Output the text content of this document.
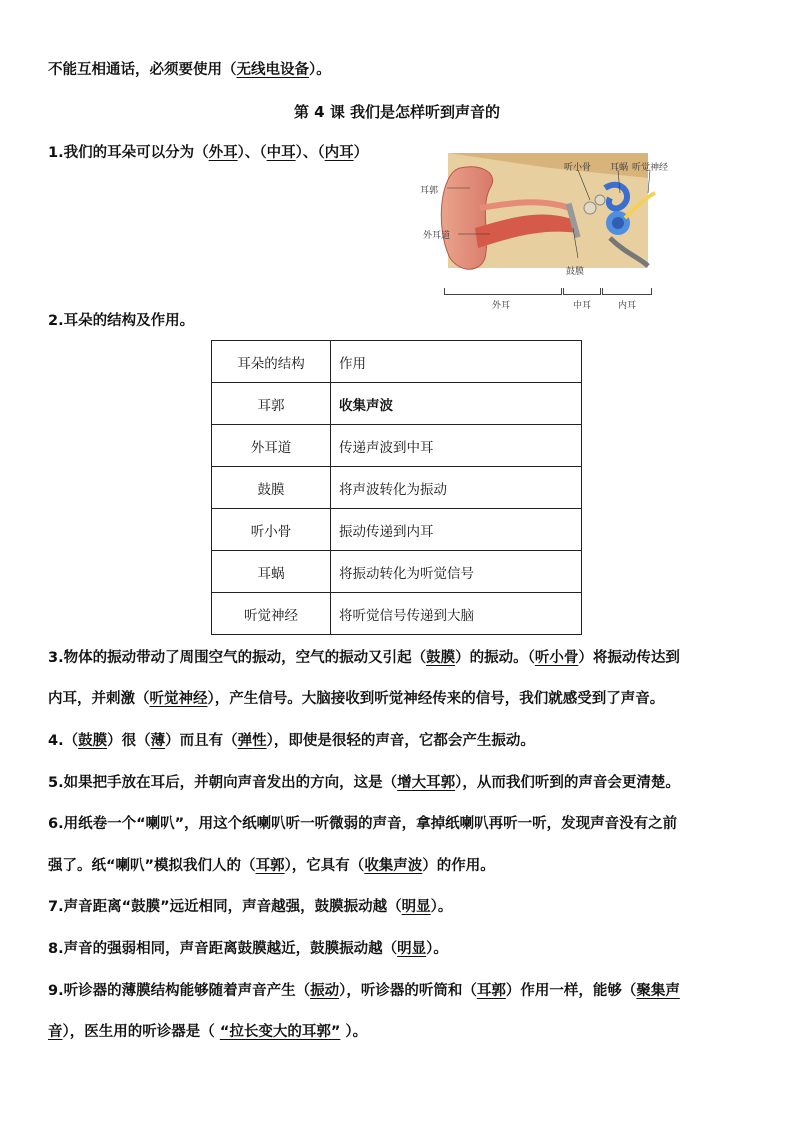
不能互相通话，必须要使用（无线电设备）。
第 4 课 我们是怎样听到声音的
1.我们的耳朵可以分为（外耳）、（中耳）、（内耳）
耳郭
外耳道
听小骨 耳蜗 听觉神经
鼓膜
外耳	中耳	内耳
2.耳朵的结构及作用。
耳朵的结构	作用
耳郭	收集声波
外耳道	传递声波到中耳
鼓膜	将声波转化为振动
听小骨	振动传递到内耳
耳蜗	将振动转化为听觉信号
听觉神经	将听觉信号传递到大脑
3.物体的振动带动了周围空气的振动，空气的振动又引起（鼓膜）的振动。（听小骨）将振动传达到
内耳，并刺激（听觉神经），产生信号。大脑接收到听觉神经传来的信号，我们就感受到了声音。
4.（鼓膜）很（薄）而且有（弹性），即使是很轻的声音，它都会产生振动。
5.如果把手放在耳后，并朝向声音发出的方向，这是（增大耳郭），从而我们听到的声音会更清楚。
6.用纸卷一个“喇叭”，用这个纸喇叭听一听微弱的声音，拿掉纸喇叭再听一听，发现声音没有之前
强了。纸“喇叭”模拟我们人的（耳郭），它具有（收集声波）的作用。
7.声音距离“鼓膜”远近相同，声音越强，鼓膜振动越（明显）。
8.声音的强弱相同，声音距离鼓膜越近，鼓膜振动越（明显）。
9.听诊器的薄膜结构能够随着声音产生（振动），听诊器的听筒和（耳郭）作用一样，能够（聚集声
音），医生用的听诊器是（ “拉长变大的耳郭” ）。
